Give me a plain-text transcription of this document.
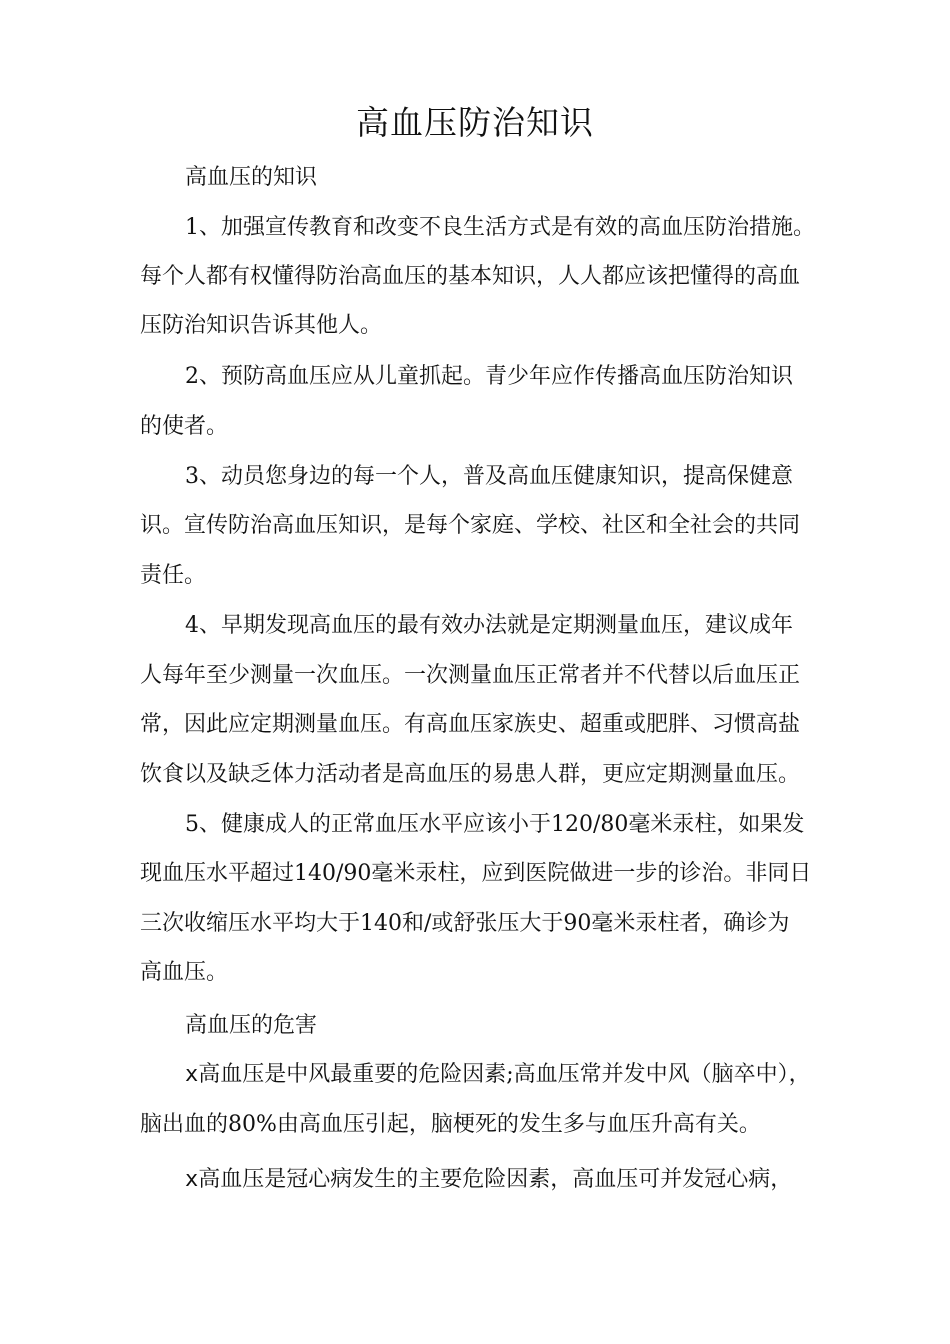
高血压防治知识
高血压的知识
1、加强宣传教育和改变不良生活方式是有效的高血压防治措施。
每个人都有权懂得防治高血压的基本知识，人人都应该把懂得的高血
压防治知识告诉其他人。
2、预防高血压应从儿童抓起。青少年应作传播高血压防治知识
的使者。
3、动员您身边的每一个人，普及高血压健康知识，提高保健意
识。宣传防治高血压知识，是每个家庭、学校、社区和全社会的共同
责任。
4、早期发现高血压的最有效办法就是定期测量血压，建议成年
人每年至少测量一次血压。一次测量血压正常者并不代替以后血压正
常，因此应定期测量血压。有高血压家族史、超重或肥胖、习惯高盐
饮食以及缺乏体力活动者是高血压的易患人群，更应定期测量血压。
5、健康成人的正常血压水平应该小于120/80毫米汞柱，如果发
现血压水平超过140/90毫米汞柱，应到医院做进一步的诊治。非同日
三次收缩压水平均大于140和/或舒张压大于90毫米汞柱者，确诊为
高血压。
高血压的危害
x高血压是中风最重要的危险因素;高血压常并发中风（脑卒中），
脑出血的80%由高血压引起，脑梗死的发生多与血压升高有关。
x高血压是冠心病发生的主要危险因素，高血压可并发冠心病，
